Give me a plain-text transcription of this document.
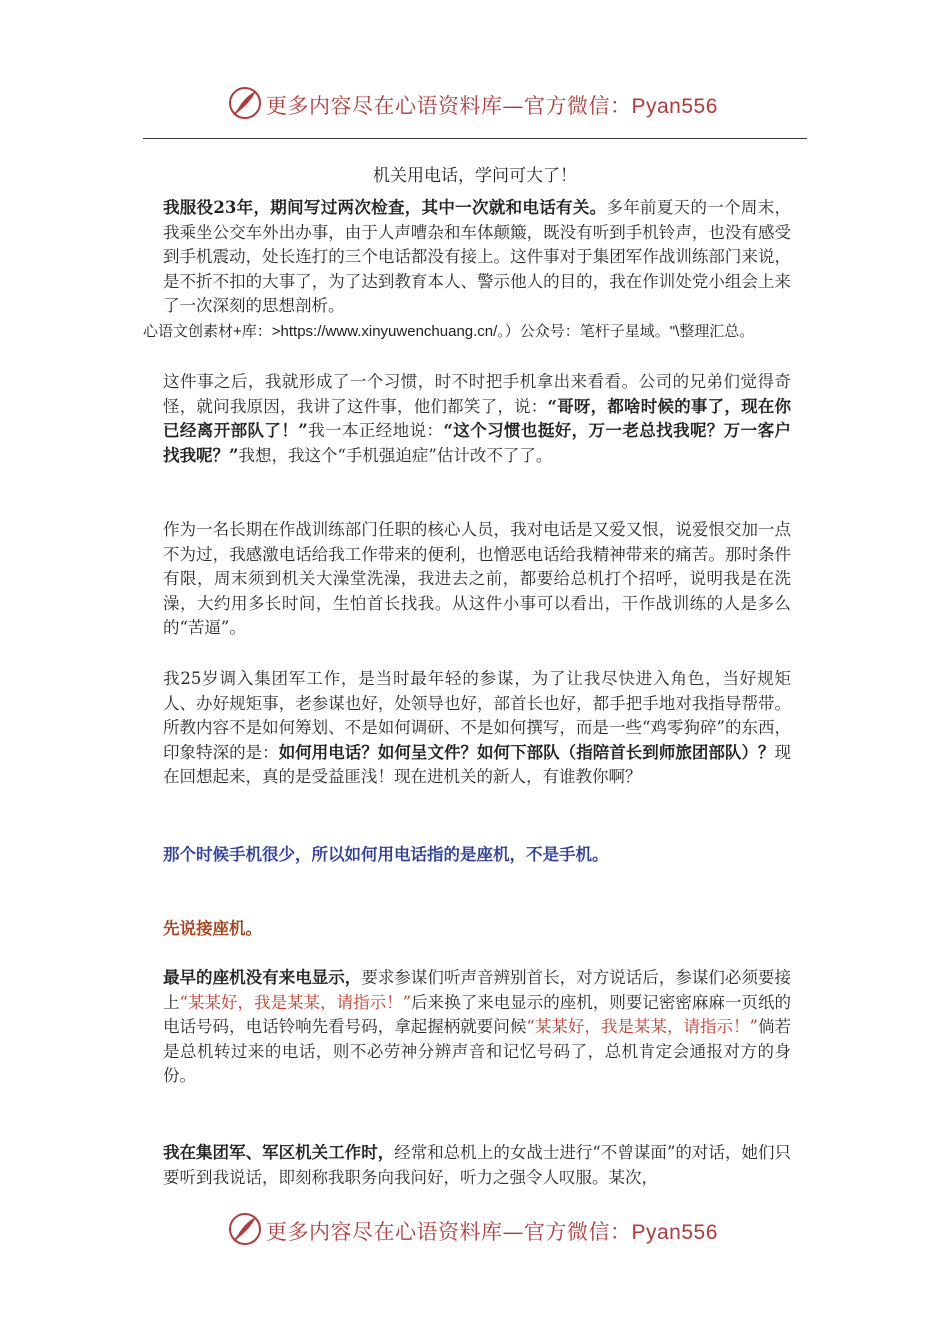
更多内容尽在心语资料库—官方微信：Pyan556
机关用电话，学问可大了！
我服役23年，期间写过两次检查，其中一次就和电话有关。多年前夏天的一个周末，我乘坐公交车外出办事，由于人声嘈杂和车体颠簸，既没有听到手机铃声，也没有感受到手机震动，处长连打的三个电话都没有接上。这件事对于集团军作战训练部门来说，是不折不扣的大事了，为了达到教育本人、警示他人的目的，我在作训处党小组会上来了一次深刻的思想剖析。
心语文创素材+库：>https://www.xinyuwenchuang.cn/。）公众号：笔杆子星域。"\整理汇总。
这件事之后，我就形成了一个习惯，时不时把手机拿出来看看。公司的兄弟们觉得奇怪，就问我原因，我讲了这件事，他们都笑了，说：“哥呀，都啥时候的事了，现在你已经离开部队了！”我一本正经地说：“这个习惯也挺好，万一老总找我呢？万一客户找我呢？”我想，我这个“手机强迫症”估计改不了了。
作为一名长期在作战训练部门任职的核心人员，我对电话是又爱又恨，说爱恨交加一点不为过，我感激电话给我工作带来的便利，也憎恶电话给我精神带来的痛苦。那时条件有限，周末须到机关大澡堂洗澡，我进去之前，都要给总机打个招呼，说明我是在洗澡，大约用多长时间，生怕首长找我。从这件小事可以看出，干作战训练的人是多么的“苦逼”。
我25岁调入集团军工作，是当时最年轻的参谋，为了让我尽快进入角色，当好规矩人、办好规矩事，老参谋也好，处领导也好，部首长也好，都手把手地对我指导帮带。所教内容不是如何筹划、不是如何调研、不是如何撰写，而是一些“鸡零狗碎”的东西，印象特深的是：如何用电话？如何呈文件？如何下部队（指陪首长到师旅团部队）？现在回想起来，真的是受益匪浅！现在进机关的新人，有谁教你啊？
那个时候手机很少，所以如何用电话指的是座机，不是手机。
先说接座机。
最早的座机没有来电显示，要求参谋们听声音辨别首长，对方说话后，参谋们必须要接上“某某好，我是某某，请指示！”后来换了来电显示的座机，则要记密密麻麻一页纸的电话号码，电话铃响先看号码，拿起握柄就要问候“某某好，我是某某，请指示！”倘若是总机转过来的电话，则不必劳神分辨声音和记忆号码了，总机肯定会通报对方的身份。
我在集团军、军区机关工作时，经常和总机上的女战士进行“不曾谋面”的对话，她们只要听到我说话，即刻称我职务向我问好，听力之强令人叹服。某次，
更多内容尽在心语资料库—官方微信：Pyan556
